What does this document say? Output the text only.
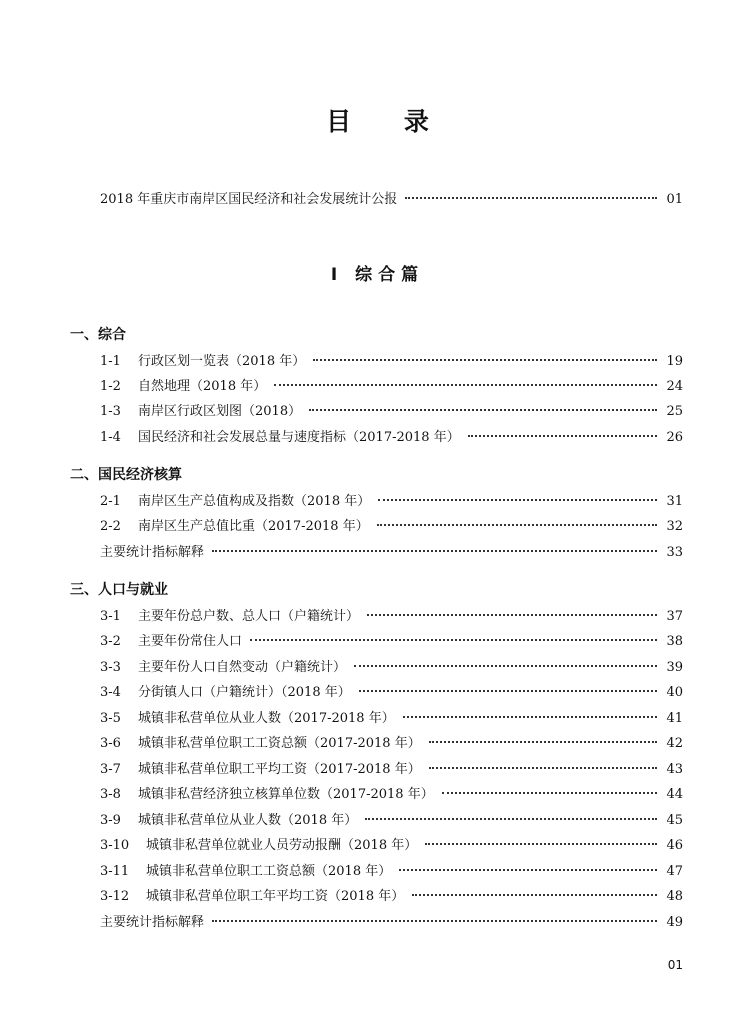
目 录
2018 年重庆市南岸区国民经济和社会发展统计公报	01
I 综合篇
一、综合
1-1	行政区划一览表（2018 年）	19
1-2	自然地理（2018 年）	24
1-3	南岸区行政区划图（2018）	25
1-4	国民经济和社会发展总量与速度指标（2017-2018 年）	26
二、国民经济核算
2-1	南岸区生产总值构成及指数（2018 年）	31
2-2	南岸区生产总值比重（2017-2018 年）	32
主要统计指标解释	33
三、人口与就业
3-1	主要年份总户数、总人口（户籍统计）	37
3-2	主要年份常住人口	38
3-3	主要年份人口自然变动（户籍统计）	39
3-4	分街镇人口（户籍统计）（2018 年）	40
3-5	城镇非私营单位从业人数（2017-2018 年）	41
3-6	城镇非私营单位职工工资总额（2017-2018 年）	42
3-7	城镇非私营单位职工平均工资（2017-2018 年）	43
3-8	城镇非私营经济独立核算单位数（2017-2018 年）	44
3-9	城镇非私营单位从业人数（2018 年）	45
3-10	城镇非私营单位就业人员劳动报酬（2018 年）	46
3-11	城镇非私营单位职工工资总额（2018 年）	47
3-12	城镇非私营单位职工年平均工资（2018 年）	48
主要统计指标解释	49
01
